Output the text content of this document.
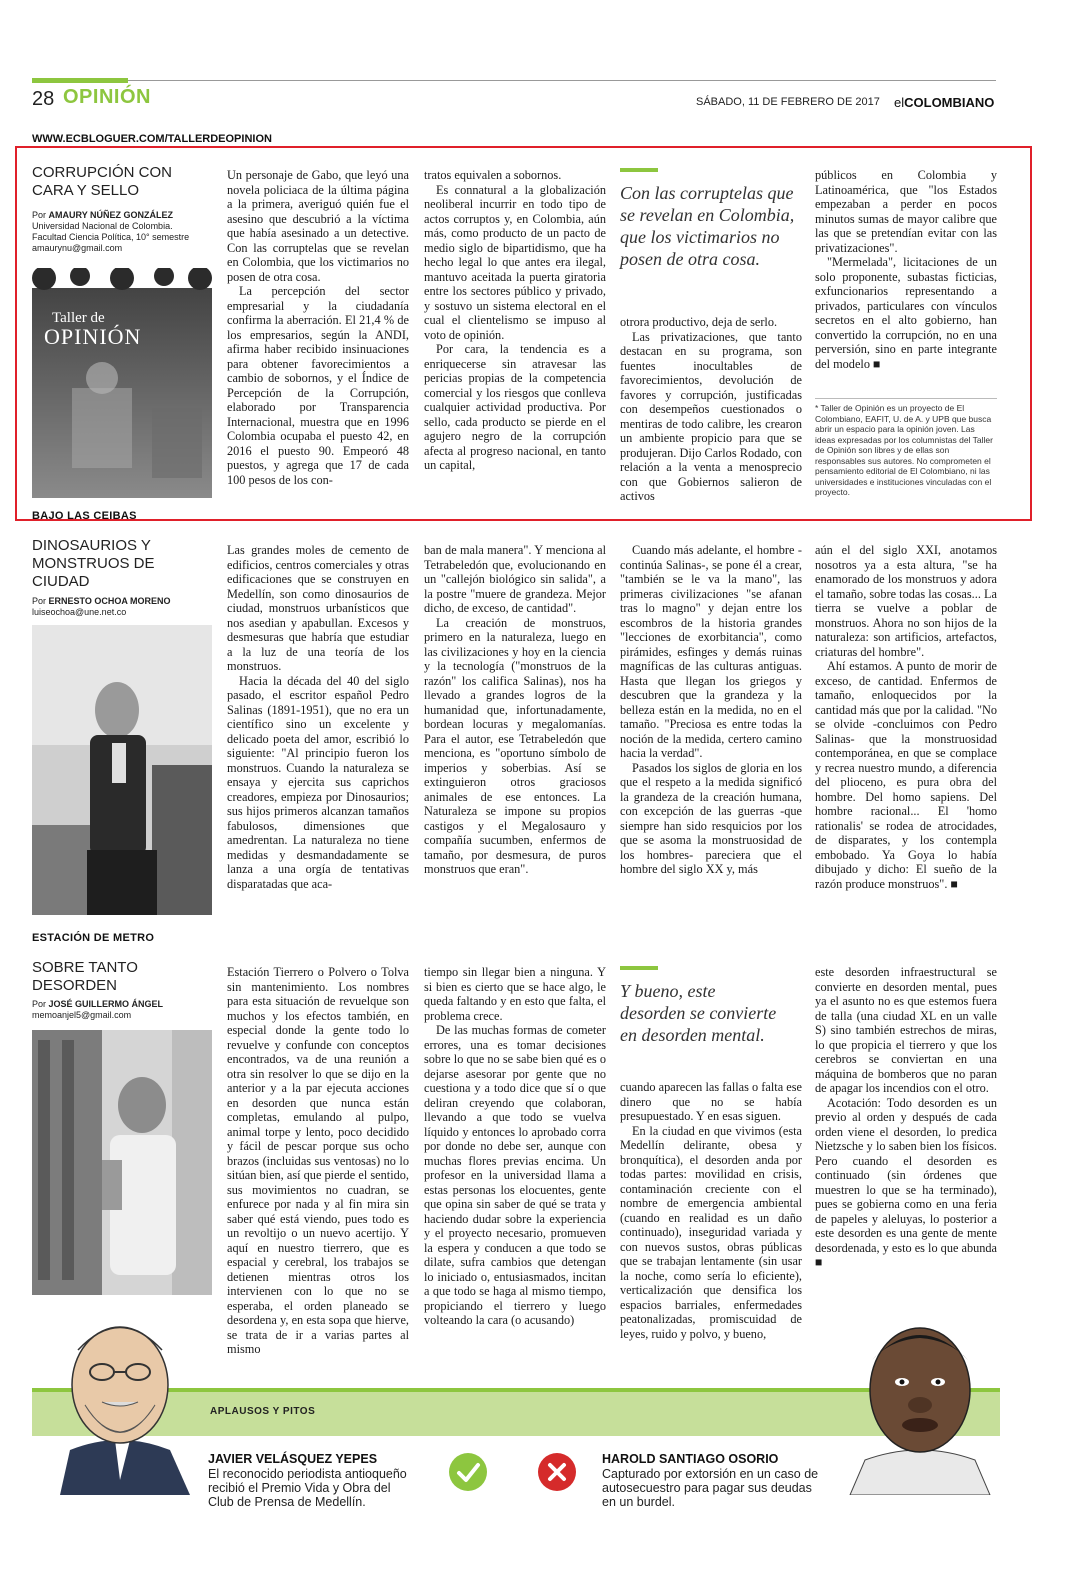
28 OPINIÓN	SÁBADO, 11 DE FEBRERO DE 2017 elCOLOMBIANO
WWW.ECBLOGUER.COM/TALLERDEOPINION
CORRUPCIÓN CON CARA Y SELLO
Por AMAURY NÚÑEZ GONZÁLEZ
Universidad Nacional de Colombia.
Facultad Ciencia Política, 10° semestre
amaurynu@gmail.com
Taller de
OPINIÓN

Un personaje de Gabo, que leyó una novela policiaca de la última página a la primera, averiguó quién fue el asesino que descubrió a la víctima que había asesinado a un detective. Con las corruptelas que se revelan en Colombia, que los victimarios no posen de otra cosa.

La percepción del sector empresarial y la ciudadanía confirma la aberración. El 21,4 % de los empresarios, según la ANDI, afirma haber recibido insinuaciones para obtener favorecimientos a cambio de sobornos, y el Índice de Percepción de la Corrupción, elaborado por Transparencia Internacional, muestra que en 1996 Colombia ocupaba el puesto 42, en 2016 el puesto 90. Empeoró 48 puestos, y agrega que 17 de cada 100 pesos de los con-

tratos equivalen a sobornos.

Es connatural a la globalización neoliberal incurrir en todo tipo de actos corruptos y, en Colombia, aún más, como producto de un pacto de medio siglo de bipartidismo, que ha hecho legal lo que antes era ilegal, mantuvo aceitada la puerta giratoria entre los sectores público y privado, y sostuvo un sistema electoral en el cual el clientelismo se impuso al voto de opinión.

Por cara, la tendencia es a enriquecerse sin atravesar las pericias propias de la competencia comercial y los riesgos que conlleva cualquier actividad productiva. Por sello, cada producto se pierde en el agujero negro de la corrupción afecta al progreso nacional, en tanto un capital,

Con las corruptelas que se revelan en Colombia, que los victimarios no posen de otra cosa.

otrora productivo, deja de serlo.

Las privatizaciones, que tanto destacan en su programa, son fuentes inocultables de favorecimientos, devolución de favores y corrupción, justificadas con desempeños cuestionados o mentiras de todo calibre, les crearon un ambiente propicio para que se produjeran. Dijo Carlos Rodado, con relación a la venta a menosprecio con que Gobiernos salieron de activos

públicos en Colombia y Latinoamérica, que "los Estados empezaban a perder en pocos minutos sumas de mayor calibre que las que se pretendían evitar con las privatizaciones".

"Mermelada", licitaciones de un solo proponente, subastas ficticias, exfuncionarios representando a privados, particulares con vínculos secretos en el alto gobierno, han convertido la corrupción, no en una perversión, sino en parte integrante del modelo ■

* Taller de Opinión es un proyecto de El Colombiano, EAFIT, U. de A. y UPB que busca abrir un espacio para la opinión joven. Las ideas expresadas por los columnistas del Taller de Opinión son libres y de ellas son responsables sus autores. No comprometen el pensamiento editorial de El Colombiano, ni las universidades e instituciones vinculadas con el proyecto.
BAJO LAS CEIBAS
DINOSAURIOS Y MONSTRUOS DE CIUDAD
Por ERNESTO OCHOA MORENO
luiseochoa@une.net.co

Las grandes moles de cemento de edificios, centros comerciales y otras edificaciones que se construyen en Medellín, son como dinosaurios de ciudad, monstruos urbanísticos que nos asedian y apabullan. Excesos y desmesuras que habría que estudiar a la luz de una teoría de los monstruos.

Hacia la década del 40 del siglo pasado, el escritor español Pedro Salinas (1891-1951), que no era un científico sino un excelente y delicado poeta del amor, escribió lo siguiente: "Al principio fueron los monstruos. Cuando la naturaleza se ensaya y ejercita sus caprichos creadores, empieza por Dinosaurios; sus hijos primeros alcanzan tamaños fabulosos, dimensiones que amedrentan. La naturaleza no tiene medidas y desmandadamente se lanza a una orgía de tentativas disparatadas que aca-

ban de mala manera". Y menciona al Tetrabeledón que, evolucionando en un "callejón biológico sin salida", a la postre "muere de grandeza. Mejor dicho, de exceso, de cantidad".

La creación de monstruos, primero en la naturaleza, luego en las civilizaciones y hoy en la ciencia y la tecnología ("monstruos de la razón" los califica Salinas), nos ha llevado a grandes logros de la humanidad que, infortunadamente, bordean locuras y megalomanías. Para el autor, ese Tetrabeledón que menciona, es "oportuno símbolo de imperios y soberbias. Así se extinguieron otros graciosos animales de ese entonces. La Naturaleza se impone su propios castigos y el Megalosauro y compañía sucumben, enfermos de tamaño, por desmesura, de puros monstruos que eran".

Cuando más adelante, el hombre -continúa Salinas-, se pone él a crear, "también se le va la mano", las primeras civilizaciones "se afanan tras lo magno" y dejan entre los escombros de la historia grandes "lecciones de exorbitancia", como pirámides, esfinges y demás ruinas magníficas de las culturas antiguas. Hasta que llegan los griegos y descubren que la grandeza y la belleza están en la medida, no en el tamaño. "Preciosa es entre todas la noción de la medida, certero camino hacia la verdad".

Pasados los siglos de gloria en los que el respeto a la medida significó la grandeza de la creación humana, con excepción de las guerras -que siempre han sido resquicios por los que se asoma la monstruosidad de los hombres- pareciera que el hombre del siglo XX y, más

aún el del siglo XXI, anotamos nosotros ya a esta altura, "se ha enamorado de los monstruos y adora el tamaño, sobre todas las cosas... La tierra se vuelve a poblar de monstruos. Ahora no son hijos de la naturaleza: son artificios, artefactos, criaturas del hombre".

Ahí estamos. A punto de morir de exceso, de cantidad. Enfermos de tamaño, enloquecidos por la cantidad más que por la calidad. "No se olvide -concluimos con Pedro Salinas- que la monstruosidad contemporánea, en que se complace y recrea nuestro mundo, a diferencia del plioceno, es pura obra del hombre. Del homo sapiens. Del hombre racional... El 'homo rationalis' se rodea de atrocidades, de disparates, y los contempla embobado. Ya Goya lo había dibujado y dicho: El sueño de la razón produce monstruos". ■

ESTACIÓN DE METRO
SOBRE TANTO DESORDEN
Por JOSÉ GUILLERMO ÁNGEL
memoanjel5@gmail.com

Estación Tierrero o Polvero o Tolva sin mantenimiento. Los nombres para esta situación de revuelque son muchos y los efectos también, en especial donde la gente todo lo revuelve y confunde con conceptos encontrados, va de una reunión a otra sin resolver lo que se dijo en la anterior y a la par ejecuta acciones en desorden que nunca están completas, emulando al pulpo, animal torpe y lento, poco decidido y fácil de pescar porque sus ocho brazos (incluidas sus ventosas) no lo sitúan bien, así que pierde el sentido, sus movimientos no cuadran, se enfurece por nada y al fin mira sin saber qué está viendo, pues todo es un revoltijo o un nuevo acertijo. Y aquí en nuestro tierrero, que es espacial y cerebral, los trabajos se detienen mientras otros los intervienen con lo que no se esperaba, el orden planeado se desordena y, en esta sopa que hierve, se trata de ir a varias partes al mismo

tiempo sin llegar bien a ninguna. Y si bien es cierto que se hace algo, le queda faltando y en esto que falta, el problema crece.

De las muchas formas de cometer errores, una es tomar decisiones sobre lo que no se sabe bien qué es o dejarse asesorar por gente que no cuestiona y a todo dice que sí o que deliran creyendo que colaboran, llevando a que todo se vuelva líquido y entonces lo aprobado corra por donde no debe ser, aunque con muchas flores previas encima. Un profesor en la universidad llama a estas personas los elocuentes, gente que opina sin saber de qué se trata y haciendo dudar sobre la experiencia y el proyecto necesario, promueven la espera y conducen a que todo se dilate, sufra cambios que detengan lo iniciado o, entusiasmados, incitan a que todo se haga al mismo tiempo, propiciando el tierrero y luego volteando la cara (o acusando)

Y bueno, este desorden se convierte en desorden mental.

cuando aparecen las fallas o falta ese dinero que no se había presupuestado. Y en esas siguen.

En la ciudad en que vivimos (esta Medellín delirante, obesa y bronquítica), el desorden anda por todas partes: movilidad en crisis, contaminación creciente con el nombre de emergencia ambiental (cuando en realidad es un daño continuado), inseguridad variada y con nuevos sustos, obras públicas que se trabajan lentamente (sin usar la noche, como sería lo eficiente), verticalización que densifica los espacios barriales, enfermedades peatonalizadas, promiscuidad de leyes, ruido y polvo, y bueno,

este desorden infraestructural se convierte en desorden mental, pues ya el asunto no es que estemos fuera de talla (una ciudad XL en un valle S) sino también estrechos de miras, lo que propicia el tierrero y que los cerebros se conviertan en una máquina de bomberos que no paran de apagar los incendios con el otro.

Acotación: Todo desorden es un previo al orden y después de cada orden viene el desorden, lo predica Nietzsche y lo saben bien los físicos. Pero cuando el desorden es continuado (sin órdenes que muestren lo que se ha terminado), pues se gobierna como en una feria de papeles y aleluyas, lo posterior a este desorden es una gente de mente desordenada, y esto es lo que abunda ■

APLAUSOS Y PITOS
JAVIER VELÁSQUEZ YEPES
El reconocido periodista antioqueño recibió el Premio Vida y Obra del Club de Prensa de Medellín.
HAROLD SANTIAGO OSORIO
Capturado por extorsión en un caso de autosecuestro para pagar sus deudas en un burdel.
